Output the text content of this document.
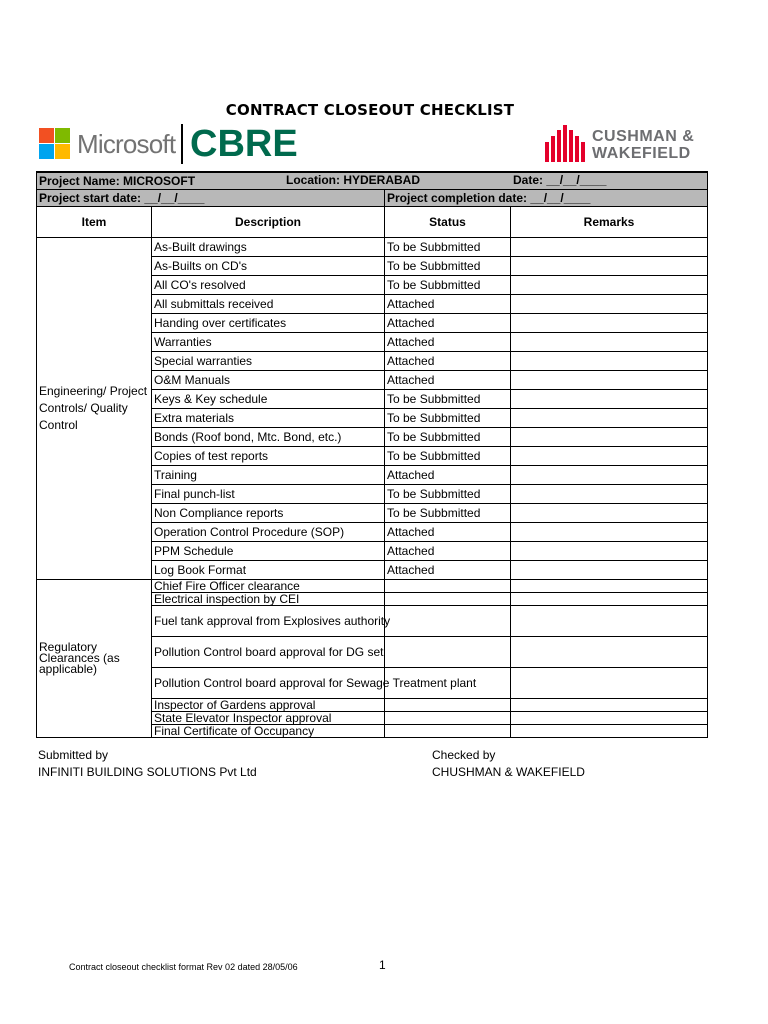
CONTRACT CLOSEOUT CHECKLIST
Microsoft CBRE	CUSHMAN &
WAKEFIELD
Project Name: MICROSOFT Location: HYDERABAD Date: __/__/____			

Project start date: __/__/____		Project completion date: __/__/____	
Item	Description	Status	Remarks
Engineering/ Project Controls/ Quality Control	As-Built drawings	To be Subbmitted	
	As-Builts on CD's	To be Subbmitted	
	All CO's resolved	To be Subbmitted	
	All submittals received	Attached	
	Handing over certificates	Attached	
	Warranties	Attached	
	Special warranties	Attached	
	O&M Manuals	Attached	
	Keys & Key schedule	To be Subbmitted	
	Extra materials	To be Subbmitted	
	Bonds (Roof bond, Mtc. Bond, etc.)	To be Subbmitted	
	Copies of test reports	To be Subbmitted	
	Training	Attached	
	Final punch-list	To be Subbmitted	
	Non Compliance reports	To be Subbmitted	
	Operation Control Procedure (SOP)	Attached	
	PPM Schedule	Attached	
	Log Book Format	Attached	
Regulatory Clearances (as applicable)	Chief Fire Officer clearance		
	Electrical inspection by CEI		
	Fuel tank approval from Explosives authority		
	Pollution Control board approval for DG set		
	Pollution Control board approval for Sewage Treatment plant		
	Inspector of Gardens approval		
	State Elevator Inspector approval		
	Final Certificate of Occupancy		
Submitted by
INFINITI BUILDING SOLUTIONS Pvt Ltd
Checked by
CHUSHMAN & WAKEFIELD
Contract closeout checklist format Rev 02 dated 28/05/06	1
